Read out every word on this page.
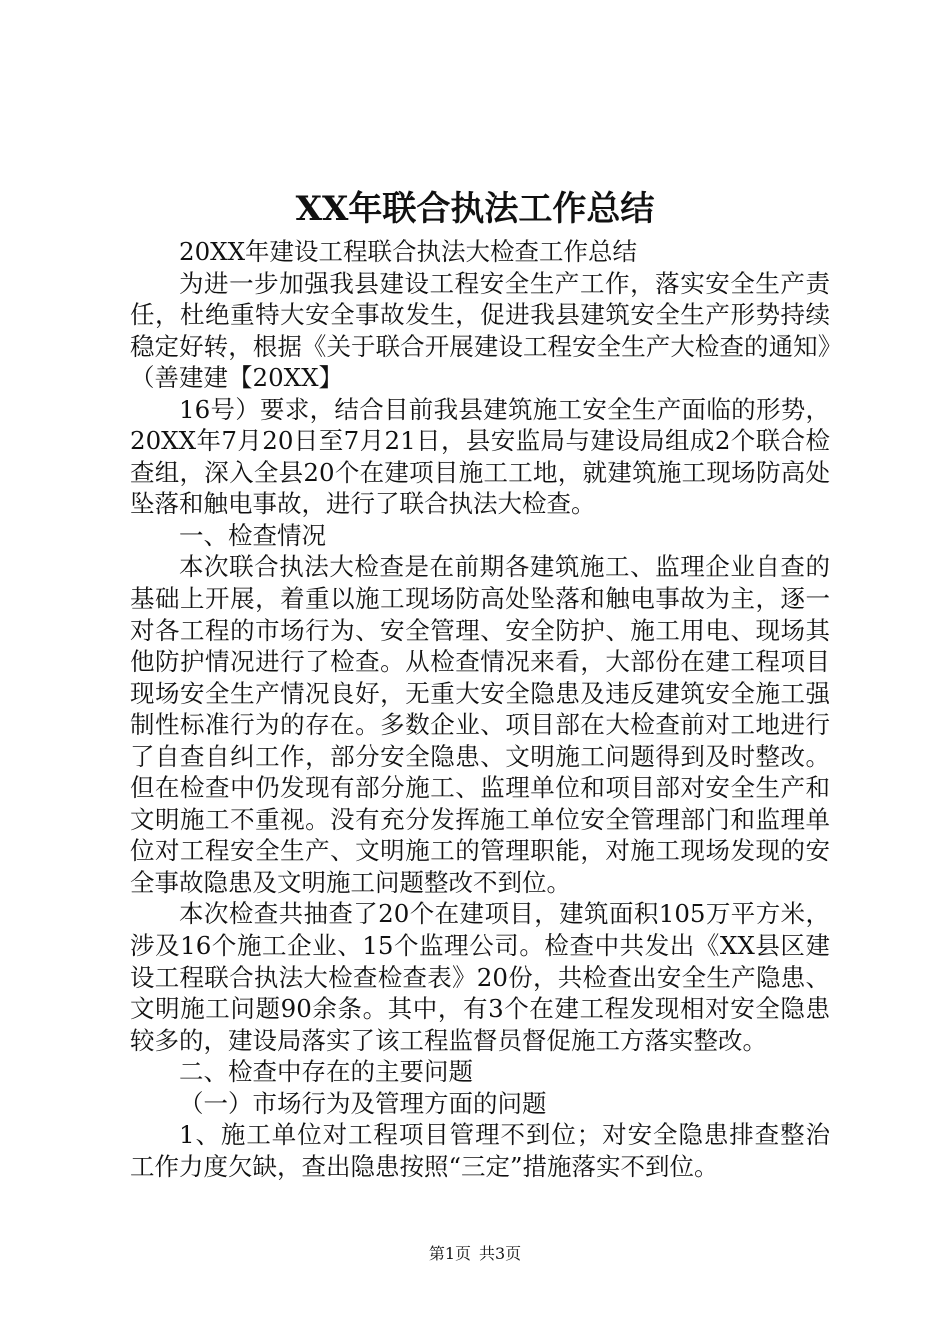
XX年联合执法工作总结

20XX年建设工程联合执法大检查工作总结

为进一步加强我县建设工程安全生产工作，落实安全生产责任，杜绝重特大安全事故发生，促进我县建筑安全生产形势持续稳定好转，根据《关于联合开展建设工程安全生产大检查的通知》（善建建【20XX】

16号）要求，结合目前我县建筑施工安全生产面临的形势，20XX年7月20日至7月21日，县安监局与建设局组成2个联合检查组，深入全县20个在建项目施工工地，就建筑施工现场防高处坠落和触电事故，进行了联合执法大检查。

一、检查情况

本次联合执法大检查是在前期各建筑施工、监理企业自查的基础上开展，着重以施工现场防高处坠落和触电事故为主，逐一对各工程的市场行为、安全管理、安全防护、施工用电、现场其他防护情况进行了检查。从检查情况来看，大部份在建工程项目现场安全生产情况良好，无重大安全隐患及违反建筑安全施工强制性标准行为的存在。多数企业、项目部在大检查前对工地进行了自查自纠工作，部分安全隐患、文明施工问题得到及时整改。但在检查中仍发现有部分施工、监理单位和项目部对安全生产和文明施工不重视。没有充分发挥施工单位安全管理部门和监理单位对工程安全生产、文明施工的管理职能，对施工现场发现的安全事故隐患及文明施工问题整改不到位。

本次检查共抽查了20个在建项目，建筑面积105万平方米，涉及16个施工企业、15个监理公司。检查中共发出《XX县区建设工程联合执法大检查检查表》20份，共检查出安全生产隐患、文明施工问题90余条。其中，有3个在建工程发现相对安全隐患较多的，建设局落实了该工程监督员督促施工方落实整改。

二、检查中存在的主要问题

（一）市场行为及管理方面的问题

1、施工单位对工程项目管理不到位；对安全隐患排查整治工作力度欠缺，查出隐患按照“三定”措施落实不到位。

第1页 共3页
